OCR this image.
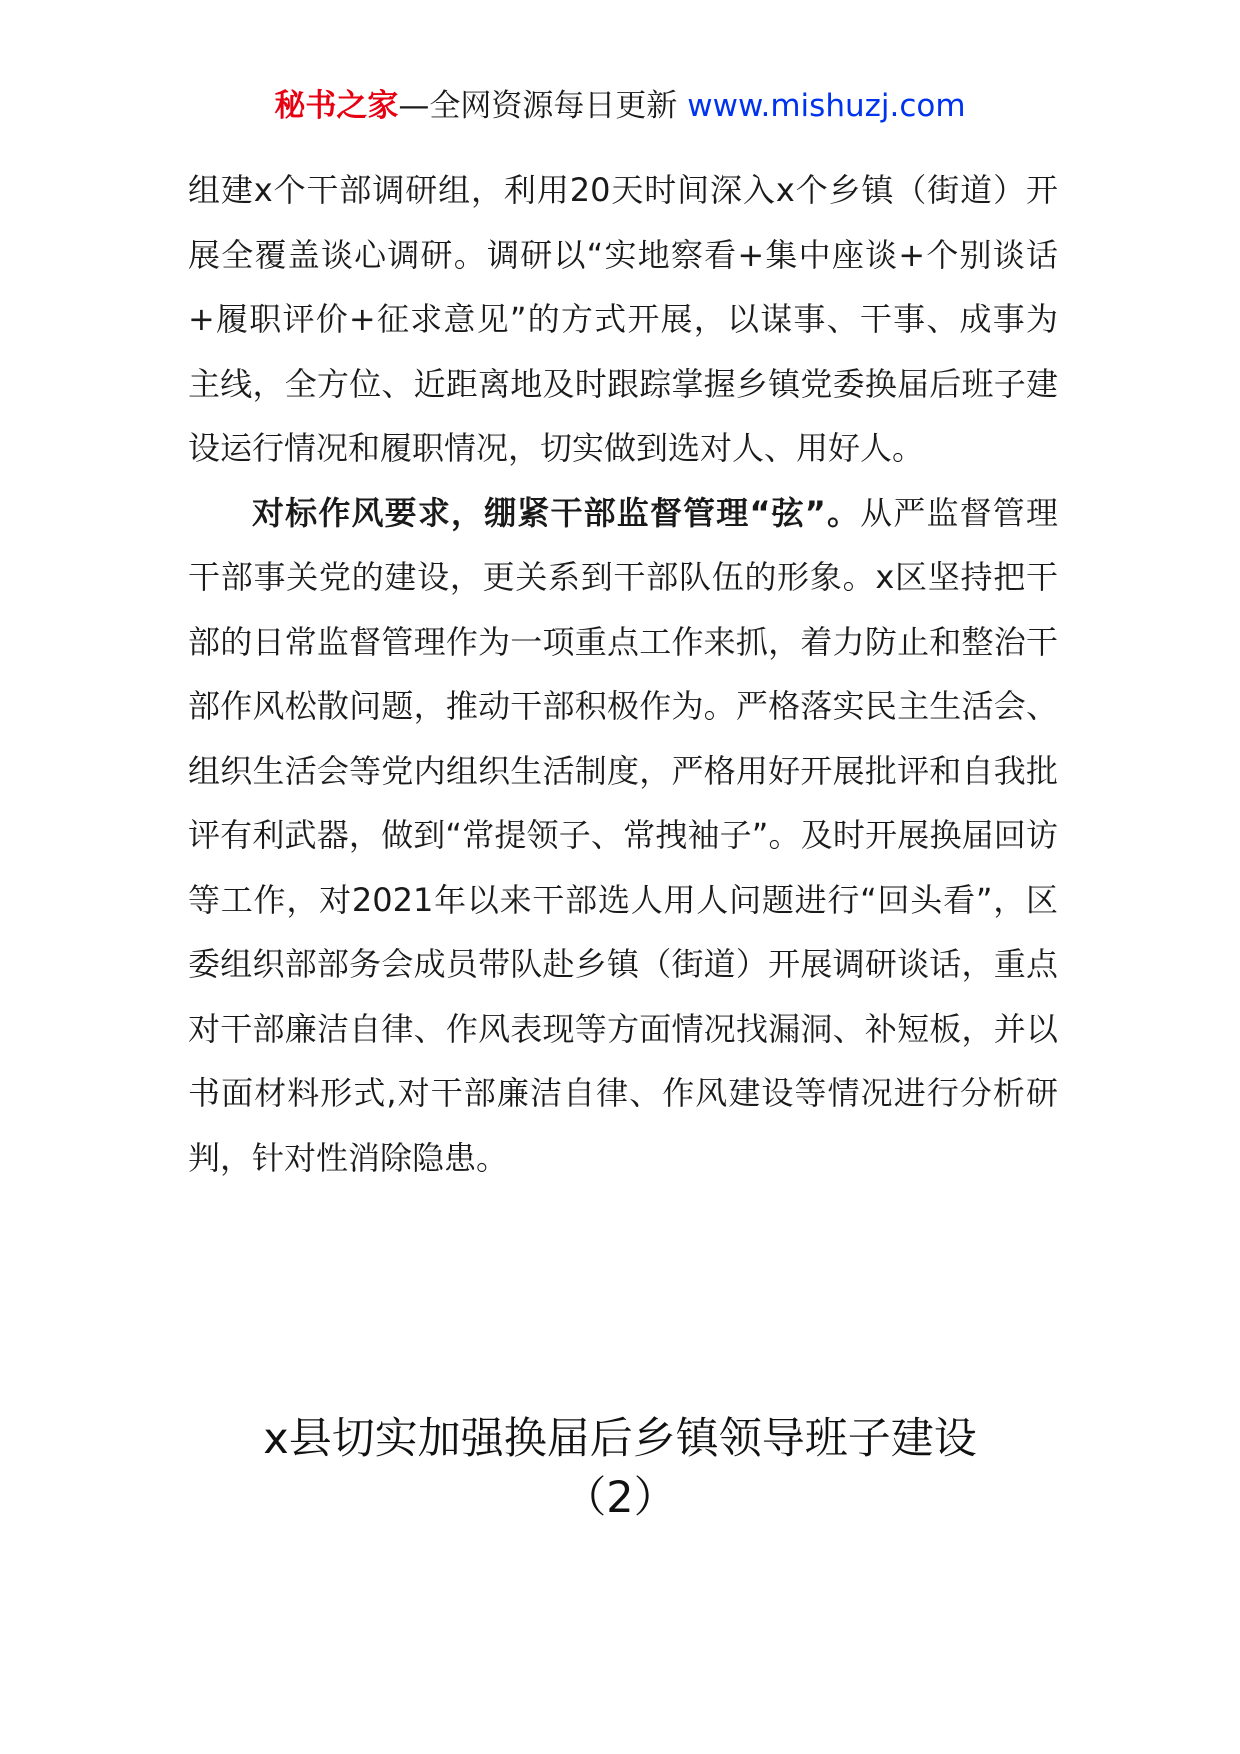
秘书之家—全网资源每日更新 www.mishuzj.com

组建x个干部调研组，利用20天时间深入x个乡镇（街道）开展全覆盖谈心调研。调研以“实地察看+集中座谈+个别谈话+履职评价+征求意见”的方式开展，以谋事、干事、成事为主线，全方位、近距离地及时跟踪掌握乡镇党委换届后班子建设运行情况和履职情况，切实做到选对人、用好人。

对标作风要求，绷紧干部监督管理“弦”。从严监督管理干部事关党的建设，更关系到干部队伍的形象。x区坚持把干部的日常监督管理作为一项重点工作来抓，着力防止和整治干部作风松散问题，推动干部积极作为。严格落实民主生活会、组织生活会等党内组织生活制度，严格用好开展批评和自我批评有利武器，做到“常提领子、常拽袖子”。及时开展换届回访等工作，对2021年以来干部选人用人问题进行“回头看”，区委组织部部务会成员带队赴乡镇（街道）开展调研谈话，重点对干部廉洁自律、作风表现等方面情况找漏洞、补短板，并以书面材料形式,对干部廉洁自律、作风建设等情况进行分析研判，针对性消除隐患。

x县切实加强换届后乡镇领导班子建设
（2）
